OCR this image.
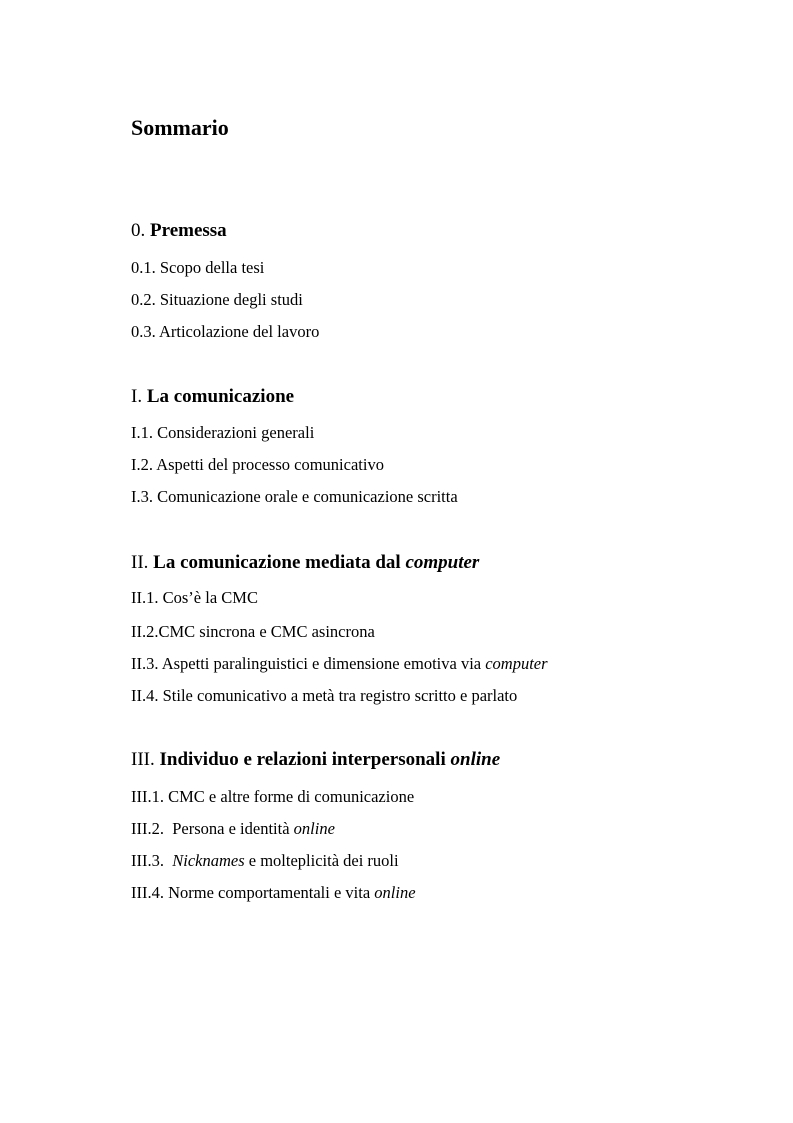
Sommario
0. Premessa
0.1. Scopo della tesi
0.2. Situazione degli studi
0.3. Articolazione del lavoro
I. La comunicazione
I.1. Considerazioni generali
I.2. Aspetti del processo comunicativo
I.3. Comunicazione orale e comunicazione scritta
II. La comunicazione mediata dal computer
II.1. Cos’è la CMC
II.2.CMC sincrona e CMC asincrona
II.3. Aspetti paralinguistici e dimensione emotiva via computer
II.4. Stile comunicativo a metà tra registro scritto e parlato
III. Individuo e relazioni interpersonali online
III.1. CMC e altre forme di comunicazione
III.2. Persona e identità online
III.3. Nicknames e molteplicità dei ruoli
III.4. Norme comportamentali e vita online
